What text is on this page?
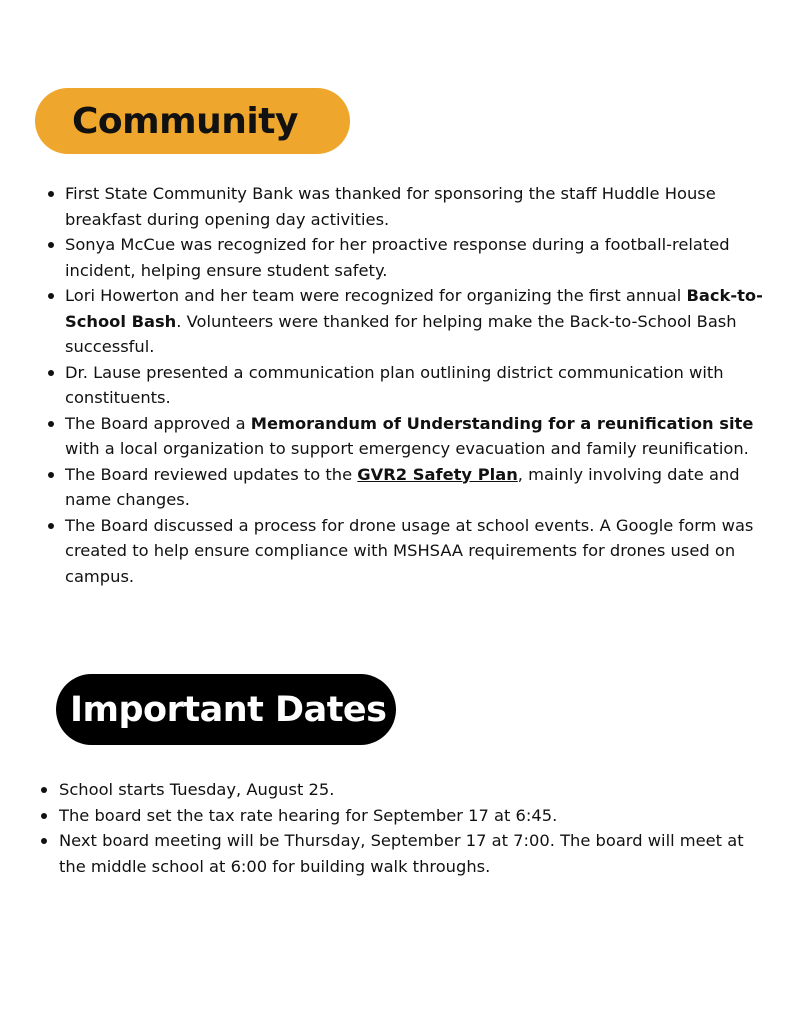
Community
First State Community Bank was thanked for sponsoring the staff Huddle House breakfast during opening day activities.
Sonya McCue was recognized for her proactive response during a football-related incident, helping ensure student safety.
Lori Howerton and her team were recognized for organizing the first annual Back-to-School Bash. Volunteers were thanked for helping make the Back-to-School Bash successful.
Dr. Lause presented a communication plan outlining district communication with constituents.
The Board approved a Memorandum of Understanding for a reunification site with a local organization to support emergency evacuation and family reunification.
The Board reviewed updates to the GVR2 Safety Plan, mainly involving date and name changes.
The Board discussed a process for drone usage at school events. A Google form was created to help ensure compliance with MSHSAA requirements for drones used on campus.
Important Dates
School starts Tuesday, August 25.
The board set the tax rate hearing for September 17 at 6:45.
Next board meeting will be Thursday, September 17 at 7:00. The board will meet at the middle school at 6:00 for building walk throughs.
